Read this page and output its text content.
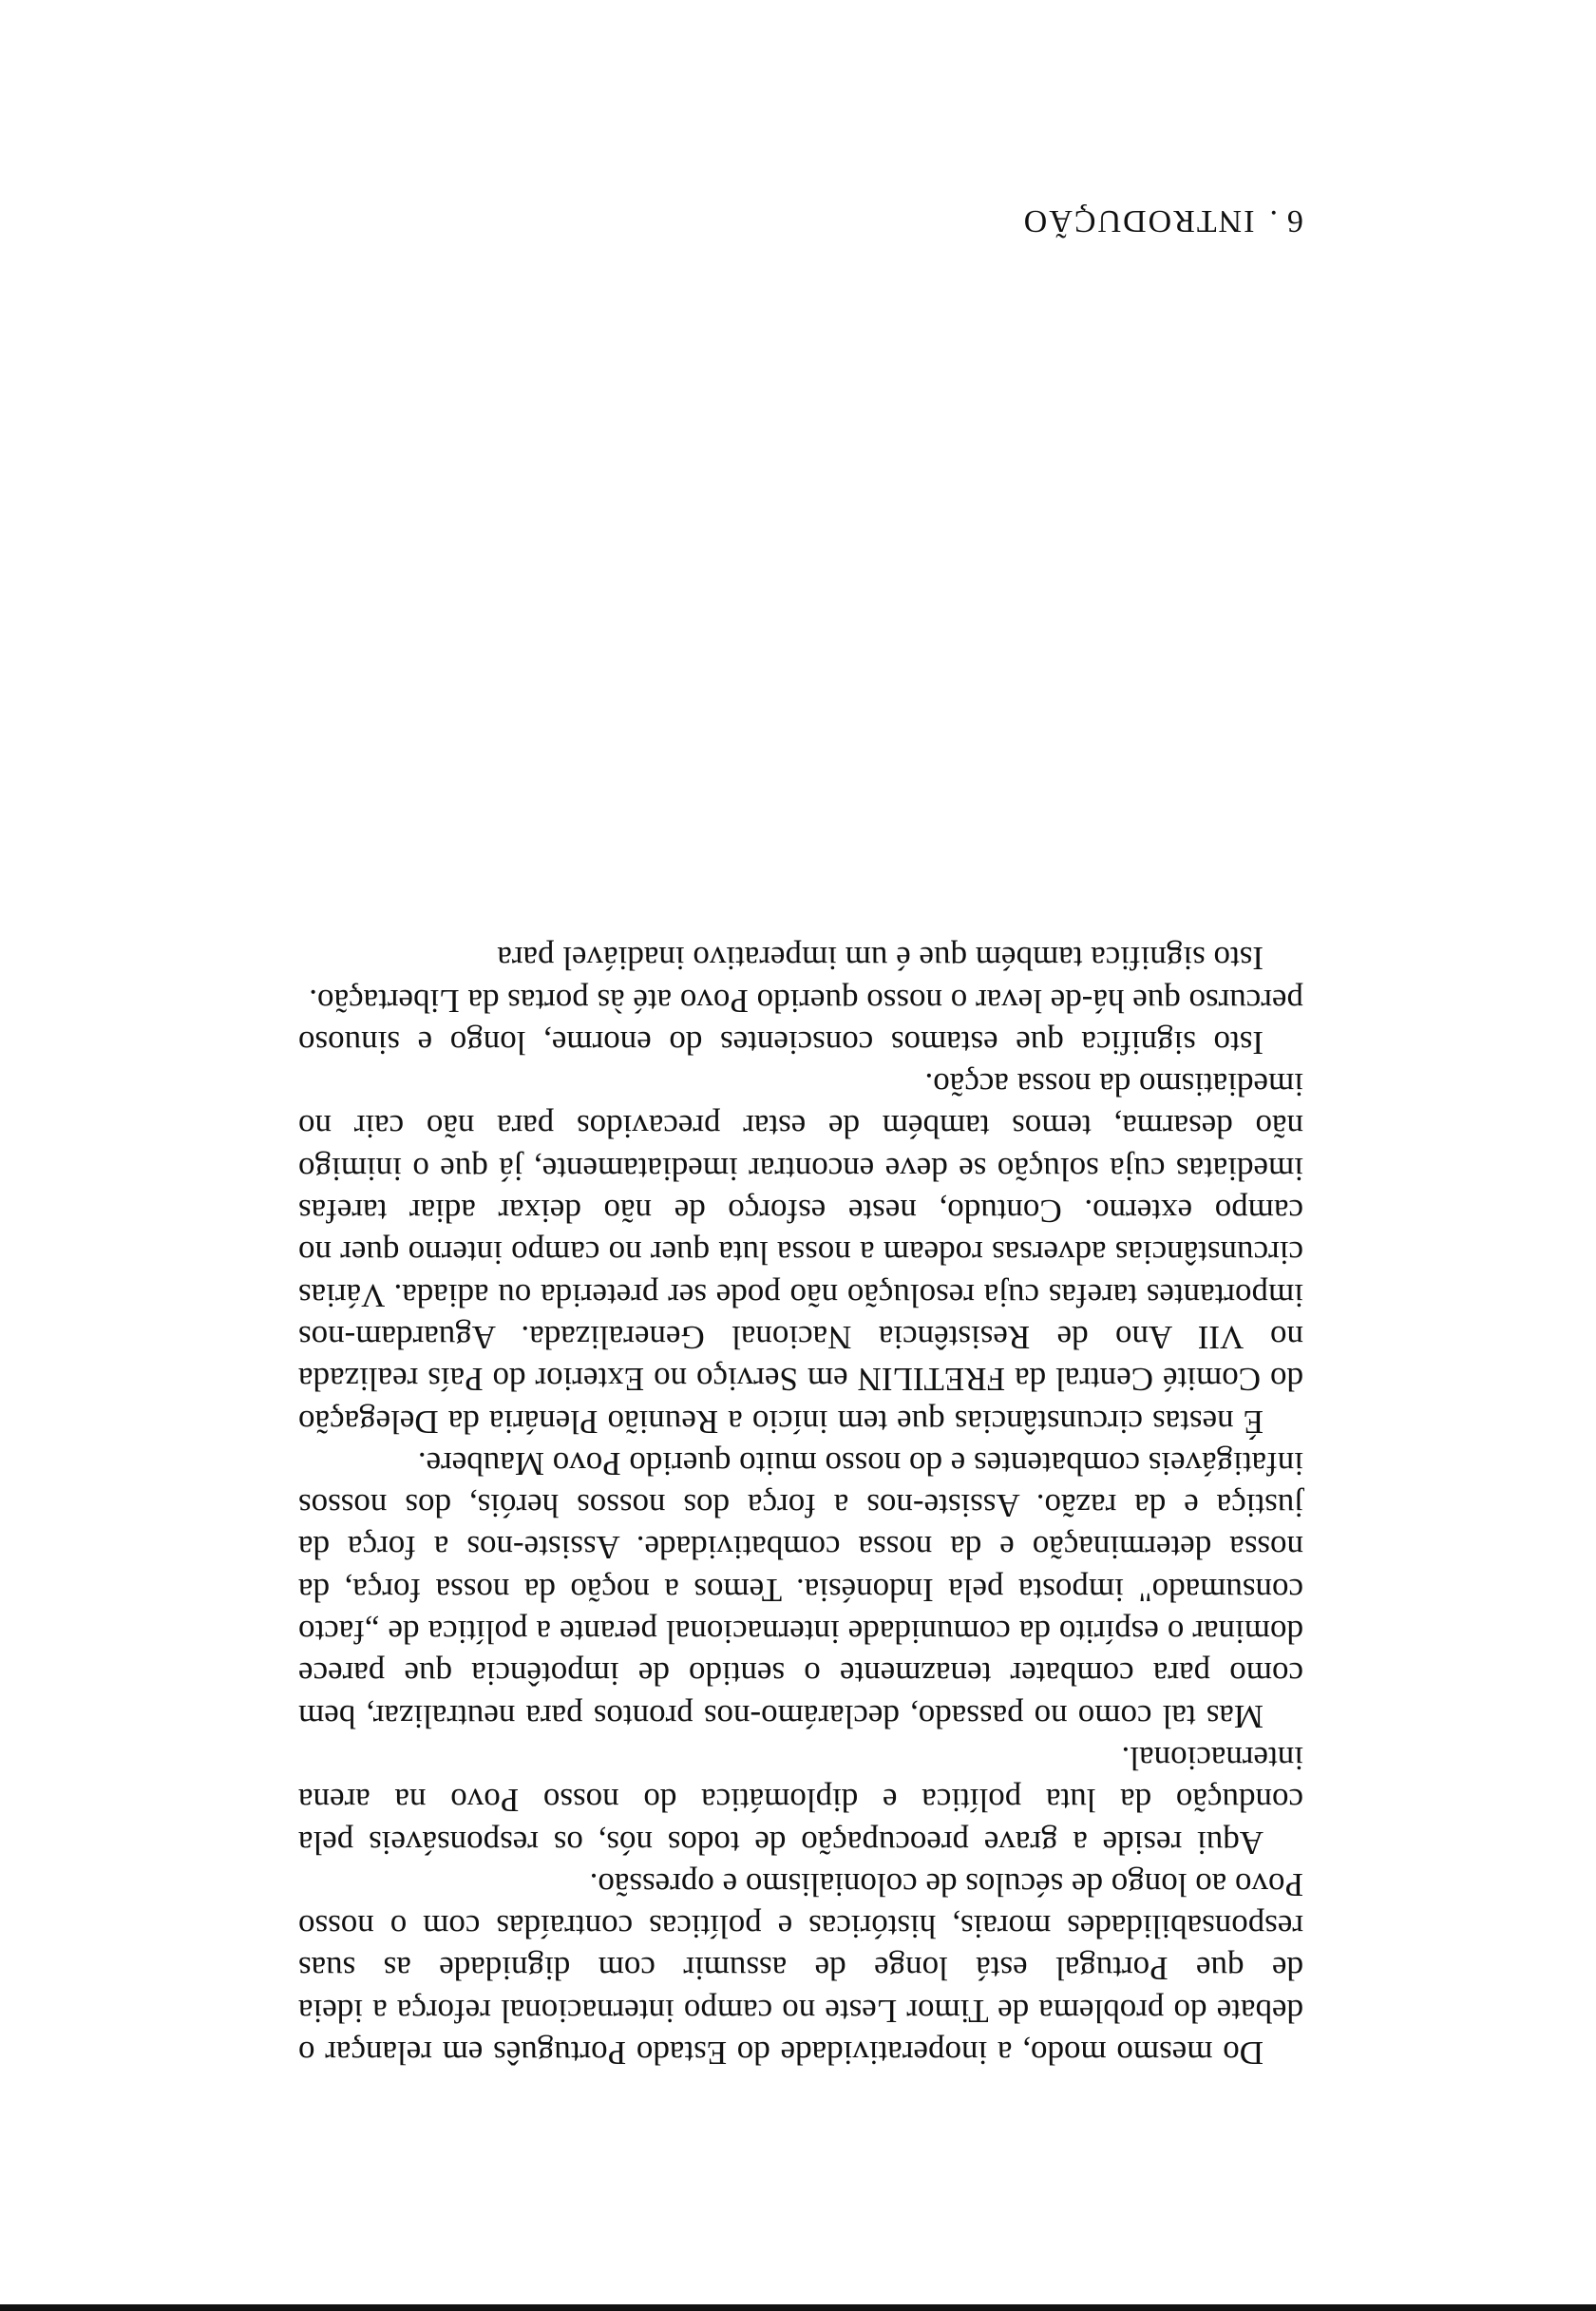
Do mesmo modo, a inoperatividade do Estado Português em relançar o debate do problema de Timor Leste no campo internacional reforça a ideia de que Portugal está longe de assumir com dignidade as suas responsabilidades morais, históricas e políticas contraídas com o nosso Povo ao longo de séculos de colonialismo e opressão.

Aqui reside a grave preocupação de todos nós, os responsáveis pela condução da luta política e diplomática do nosso Povo na arena internacional.

Mas tal como no passado, declarámo-nos prontos para neutralizar, bem como para combater tenazmente o sentido de impotência que parece dominar o espírito da comunidade internacional perante a política de „facto consumado" imposta pela Indonésia. Temos a noção da nossa força, da nossa determinação e da nossa combatividade. Assiste-nos a força da justiça e da razão. Assiste-nos a força dos nossos heróis, dos nossos infatigáveis combatentes e do nosso muito querido Povo Maubere.

É nestas circunstâncias que tem início a Reunião Plenária da Delegação do Comité Central da FRETILIN em Serviço no Exterior do País realizada no VII Ano de Resistência Nacional Generalizada. Aguardam-nos importantes tarefas cuja resolução não pode ser preterida ou adiada. Várias circunstâncias adversas rodeam a nossa luta quer no campo interno quer no campo externo. Contudo, neste esforço de não deixar adiar tarefas imediatas cuja solução se deve encontrar imediatamente, já que o inimigo não desarma, temos também de estar precavidos para não cair no imediatismo da nossa acção.

Isto significa que estamos conscientes do enorme, longo e sinuoso percurso que há-de levar o nosso querido Povo até às portas da Libertação.

Isto significa também que é um imperativo inadiável para

6.INTRODUÇÃO
